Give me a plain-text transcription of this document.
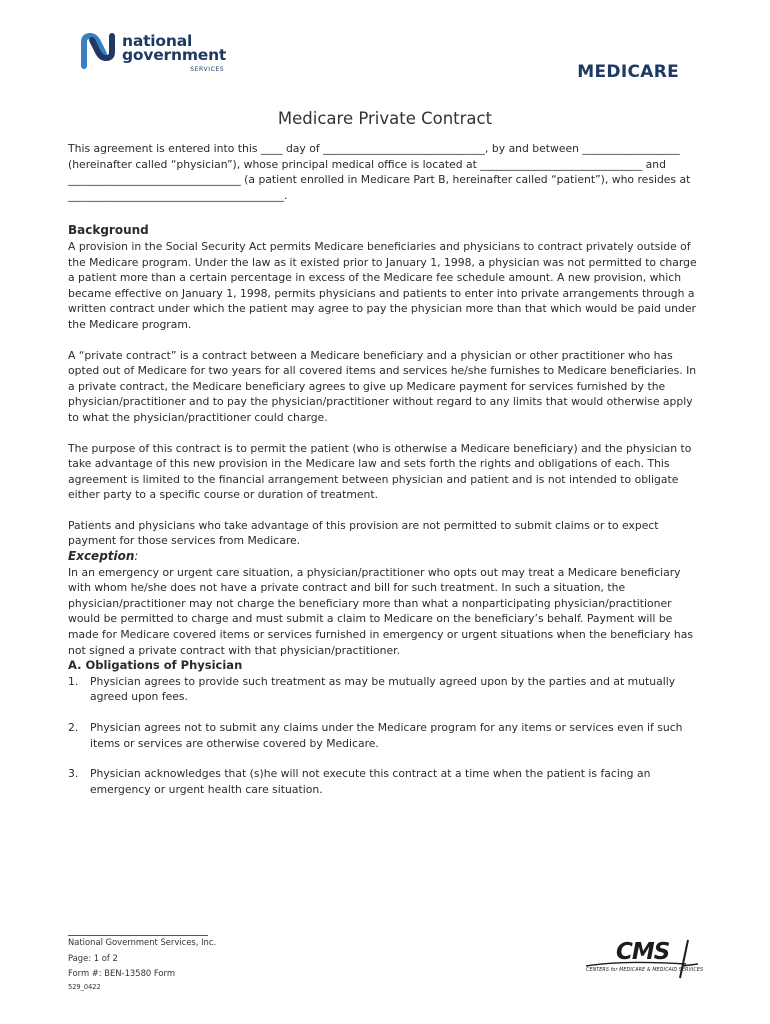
national
government
SERVICES	MEDICARE
Medicare Private Contract

This agreement is entered into this ____ day of ______________________________, by and between __________________ (hereinafter called “physician”), whose principal medical office is located at ______________________________ and ________________________________ (a patient enrolled in Medicare Part B, hereinafter called “patient”), who resides at ________________________________________.

Background

A provision in the Social Security Act permits Medicare beneficiaries and physicians to contract privately outside of the Medicare program. Under the law as it existed prior to January 1, 1998, a physician was not permitted to charge a patient more than a certain percentage in excess of the Medicare fee schedule amount. A new provision, which became effective on January 1, 1998, permits physicians and patients to enter into private arrangements through a written contract under which the patient may agree to pay the physician more than that which would be paid under the Medicare program.

A “private contract” is a contract between a Medicare beneficiary and a physician or other practitioner who has opted out of Medicare for two years for all covered items and services he/she furnishes to Medicare beneficiaries. In a private contract, the Medicare beneficiary agrees to give up Medicare payment for services furnished by the physician/practitioner and to pay the physician/practitioner without regard to any limits that would otherwise apply to what the physician/practitioner could charge.

The purpose of this contract is to permit the patient (who is otherwise a Medicare beneficiary) and the physician to take advantage of this new provision in the Medicare law and sets forth the rights and obligations of each. This agreement is limited to the financial arrangement between physician and patient and is not intended to obligate either party to a specific course or duration of treatment.

Patients and physicians who take advantage of this provision are not permitted to submit claims or to expect payment for those services from Medicare.

Exception:

In an emergency or urgent care situation, a physician/practitioner who opts out may treat a Medicare beneficiary with whom he/she does not have a private contract and bill for such treatment. In such a situation, the physician/practitioner may not charge the beneficiary more than what a nonparticipating physician/practitioner would be permitted to charge and must submit a claim to Medicare on the beneficiary’s behalf. Payment will be made for Medicare covered items or services furnished in emergency or urgent situations when the beneficiary has not signed a private contract with that physician/practitioner.

A. Obligations of Physician

1. Physician agrees to provide such treatment as may be mutually agreed upon by the parties and at mutually agreed upon fees.
2. Physician agrees not to submit any claims under the Medicare program for any items or services even if such items or services are otherwise covered by Medicare.
3. Physician acknowledges that (s)he will not execute this contract at a time when the patient is facing an emergency or urgent health care situation.
National Government Services, Inc.
Page: 1 of 2
Form #: BEN-13580 Form
529_0422
CMS
CENTERS for MEDICARE & MEDICAID SERVICES
